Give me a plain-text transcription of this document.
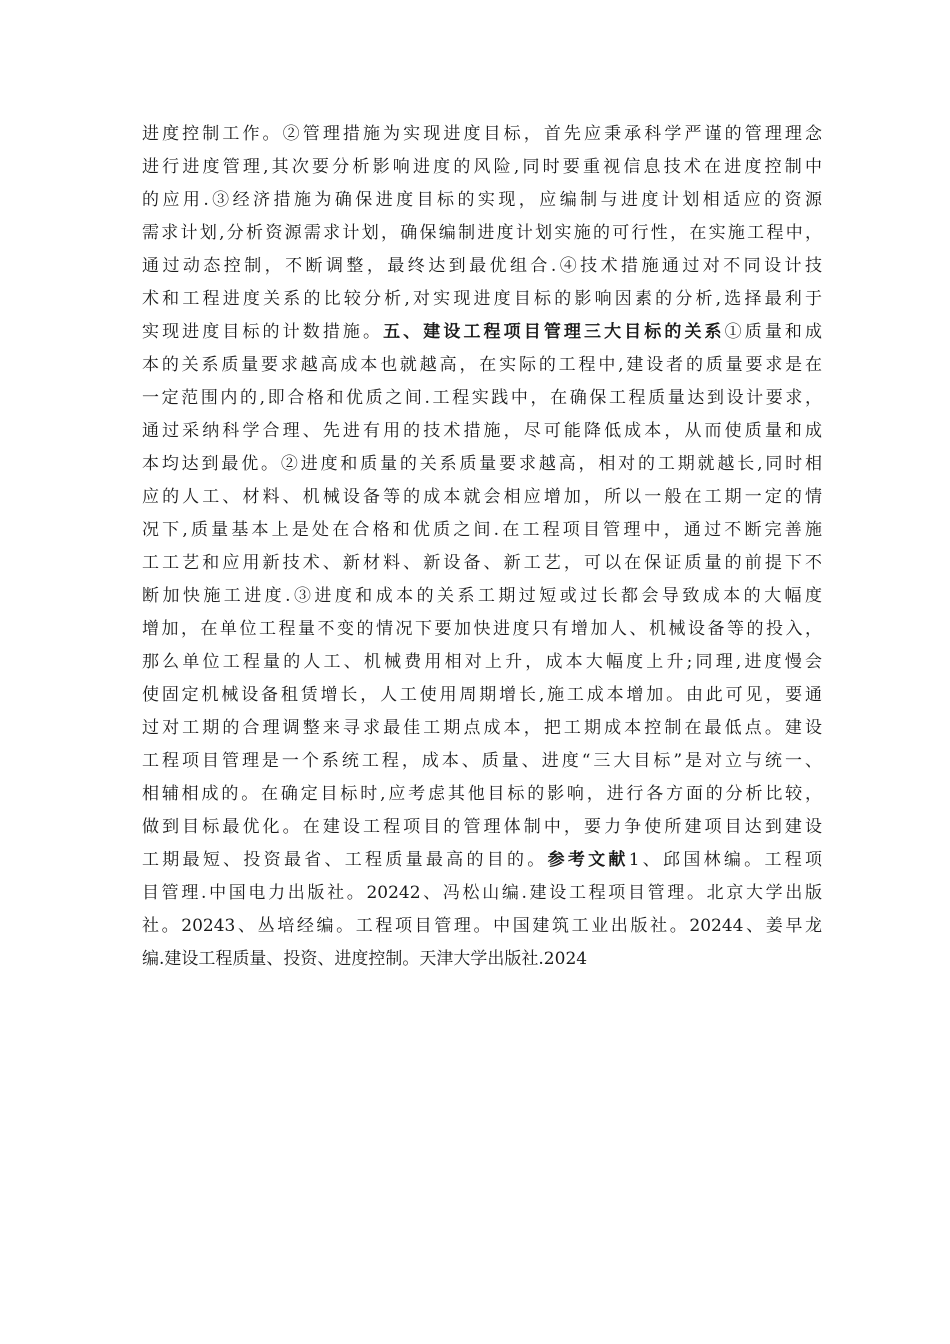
进度控制工作。②管理措施为实现进度目标，首先应秉承科学严谨的管理理念
进行进度管理,其次要分析影响进度的风险,同时要重视信息技术在进度控制中
的应用.③经济措施为确保进度目标的实现，应编制与进度计划相适应的资源
需求计划,分析资源需求计划，确保编制进度计划实施的可行性，在实施工程中，
通过动态控制，不断调整，最终达到最优组合.④技术措施通过对不同设计技
术和工程进度关系的比较分析,对实现进度目标的影响因素的分析,选择最利于
实现进度目标的计数措施。五、建设工程项目管理三大目标的关系①质量和成
本的关系质量要求越高成本也就越高，在实际的工程中,建设者的质量要求是在
一定范围内的,即合格和优质之间.工程实践中，在确保工程质量达到设计要求，
通过采纳科学合理、先进有用的技术措施，尽可能降低成本，从而使质量和成
本均达到最优。②进度和质量的关系质量要求越高，相对的工期就越长,同时相
应的人工、材料、机械设备等的成本就会相应增加，所以一般在工期一定的情
况下,质量基本上是处在合格和优质之间.在工程项目管理中，通过不断完善施
工工艺和应用新技术、新材料、新设备、新工艺，可以在保证质量的前提下不
断加快施工进度.③进度和成本的关系工期过短或过长都会导致成本的大幅度
增加，在单位工程量不变的情况下要加快进度只有增加人、机械设备等的投入，
那么单位工程量的人工、机械费用相对上升，成本大幅度上升;同理,进度慢会
使固定机械设备租赁增长，人工使用周期增长,施工成本增加。由此可见，要通
过对工期的合理调整来寻求最佳工期点成本，把工期成本控制在最低点。建设
工程项目管理是一个系统工程，成本、质量、进度“三大目标”是对立与统一、
相辅相成的。在确定目标时,应考虑其他目标的影响，进行各方面的分析比较，
做到目标最优化。在建设工程项目的管理体制中，要力争使所建项目达到建设
工期最短、投资最省、工程质量最高的目的。参考文献1、邱国林编。工程项
目管理.中国电力出版社。20242、冯松山编.建设工程项目管理。北京大学出版
社。20243、丛培经编。工程项目管理。中国建筑工业出版社。20244、姜早龙
编.建设工程质量、投资、进度控制。天津大学出版社.2024
